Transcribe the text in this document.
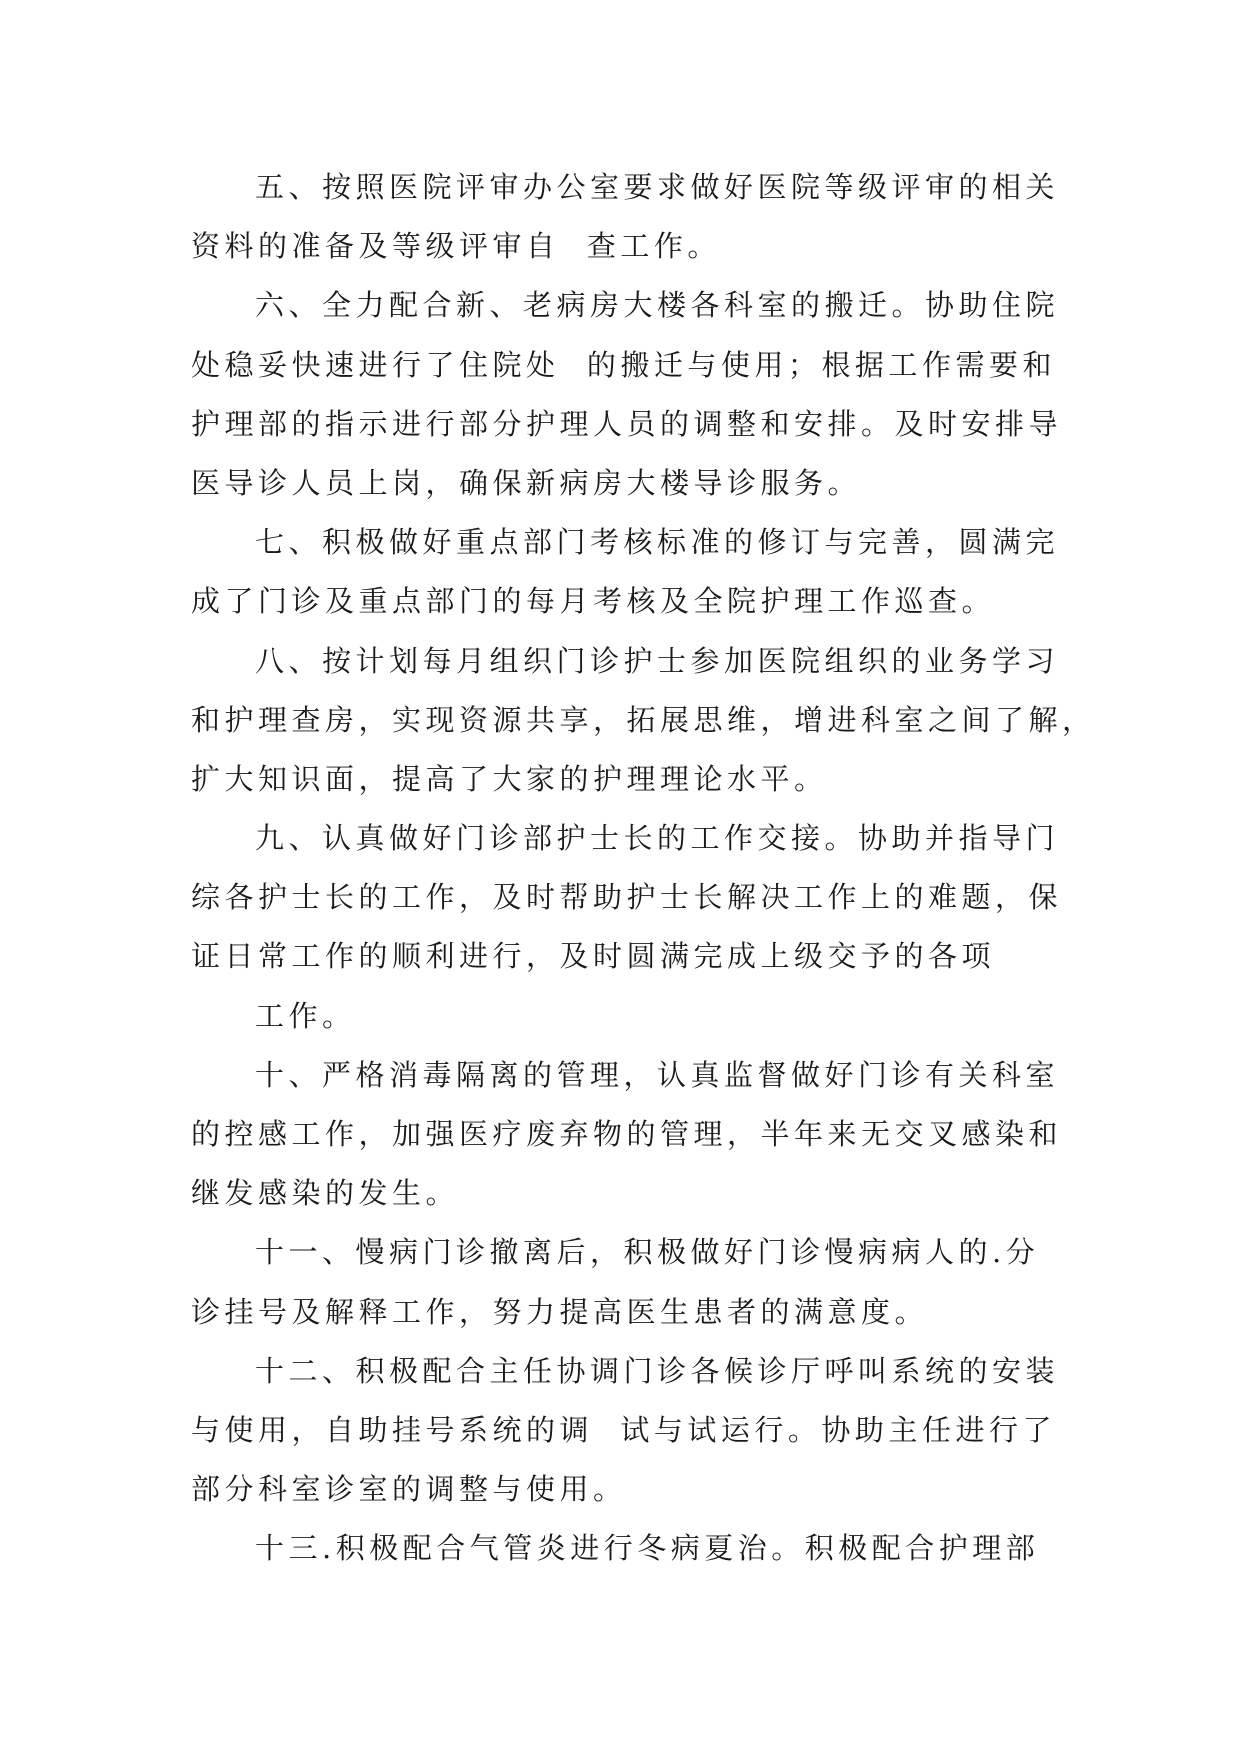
五、按照医院评审办公室要求做好医院等级评审的相关
资料的准备及等级评审自  查工作。
六、全力配合新、老病房大楼各科室的搬迁。协助住院
处稳妥快速进行了住院处  的搬迁与使用；根据工作需要和
护理部的指示进行部分护理人员的调整和安排。及时安排导
医导诊人员上岗，确保新病房大楼导诊服务。
七、积极做好重点部门考核标准的修订与完善，圆满完
成了门诊及重点部门的每月考核及全院护理工作巡查。
八、按计划每月组织门诊护士参加医院组织的业务学习
和护理查房，实现资源共享，拓展思维，增进科室之间了解，
扩大知识面，提高了大家的护理理论水平。
九、认真做好门诊部护士长的工作交接。协助并指导门
综各护士长的工作，及时帮助护士长解决工作上的难题，保
证日常工作的顺利进行，及时圆满完成上级交予的各项
工作。
十、严格消毒隔离的管理，认真监督做好门诊有关科室
的控感工作，加强医疗废弃物的管理，半年来无交叉感染和
继发感染的发生。
十一、慢病门诊撤离后，积极做好门诊慢病病人的.分
诊挂号及解释工作，努力提高医生患者的满意度。
十二、积极配合主任协调门诊各候诊厅呼叫系统的安装
与使用，自助挂号系统的调  试与试运行。协助主任进行了
部分科室诊室的调整与使用。
十三.积极配合气管炎进行冬病夏治。积极配合护理部
